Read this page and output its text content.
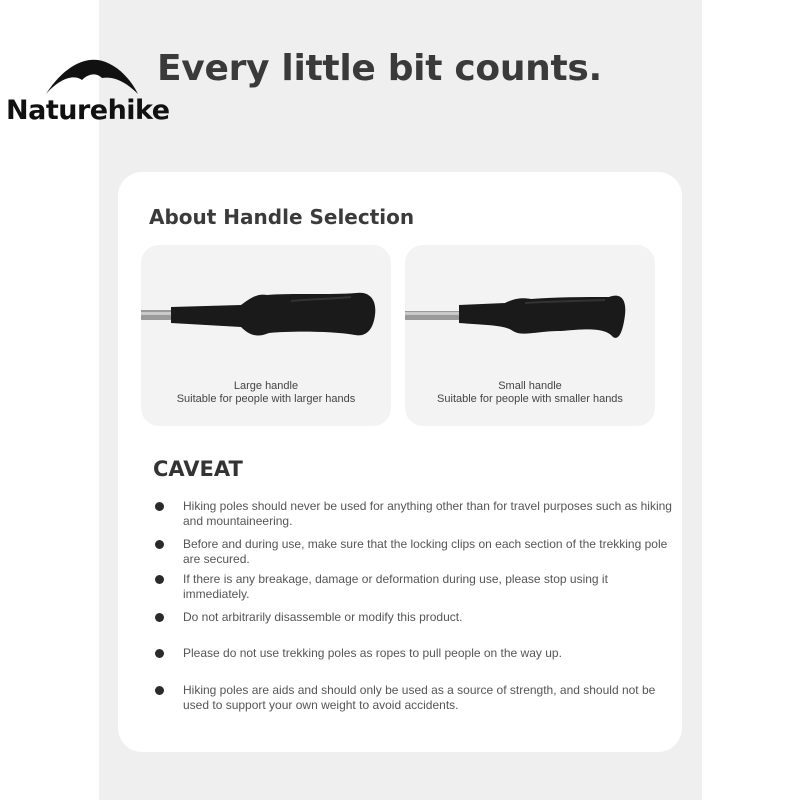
Naturehike
Every little bit counts.
About Handle Selection
Large handle
Suitable for people with larger hands
Small handle
Suitable for people with smaller hands
CAVEAT
Hiking poles should never be used for anything other than for travel purposes such as hiking and mountaineering.
Before and during use, make sure that the locking clips on each section of the trekking pole are secured.
If there is any breakage, damage or deformation during use, please stop using it immediately.
Do not arbitrarily disassemble or modify this product.
Please do not use trekking poles as ropes to pull people on the way up.
Hiking poles are aids and should only be used as a source of strength, and should not be used to support your own weight to avoid accidents.
